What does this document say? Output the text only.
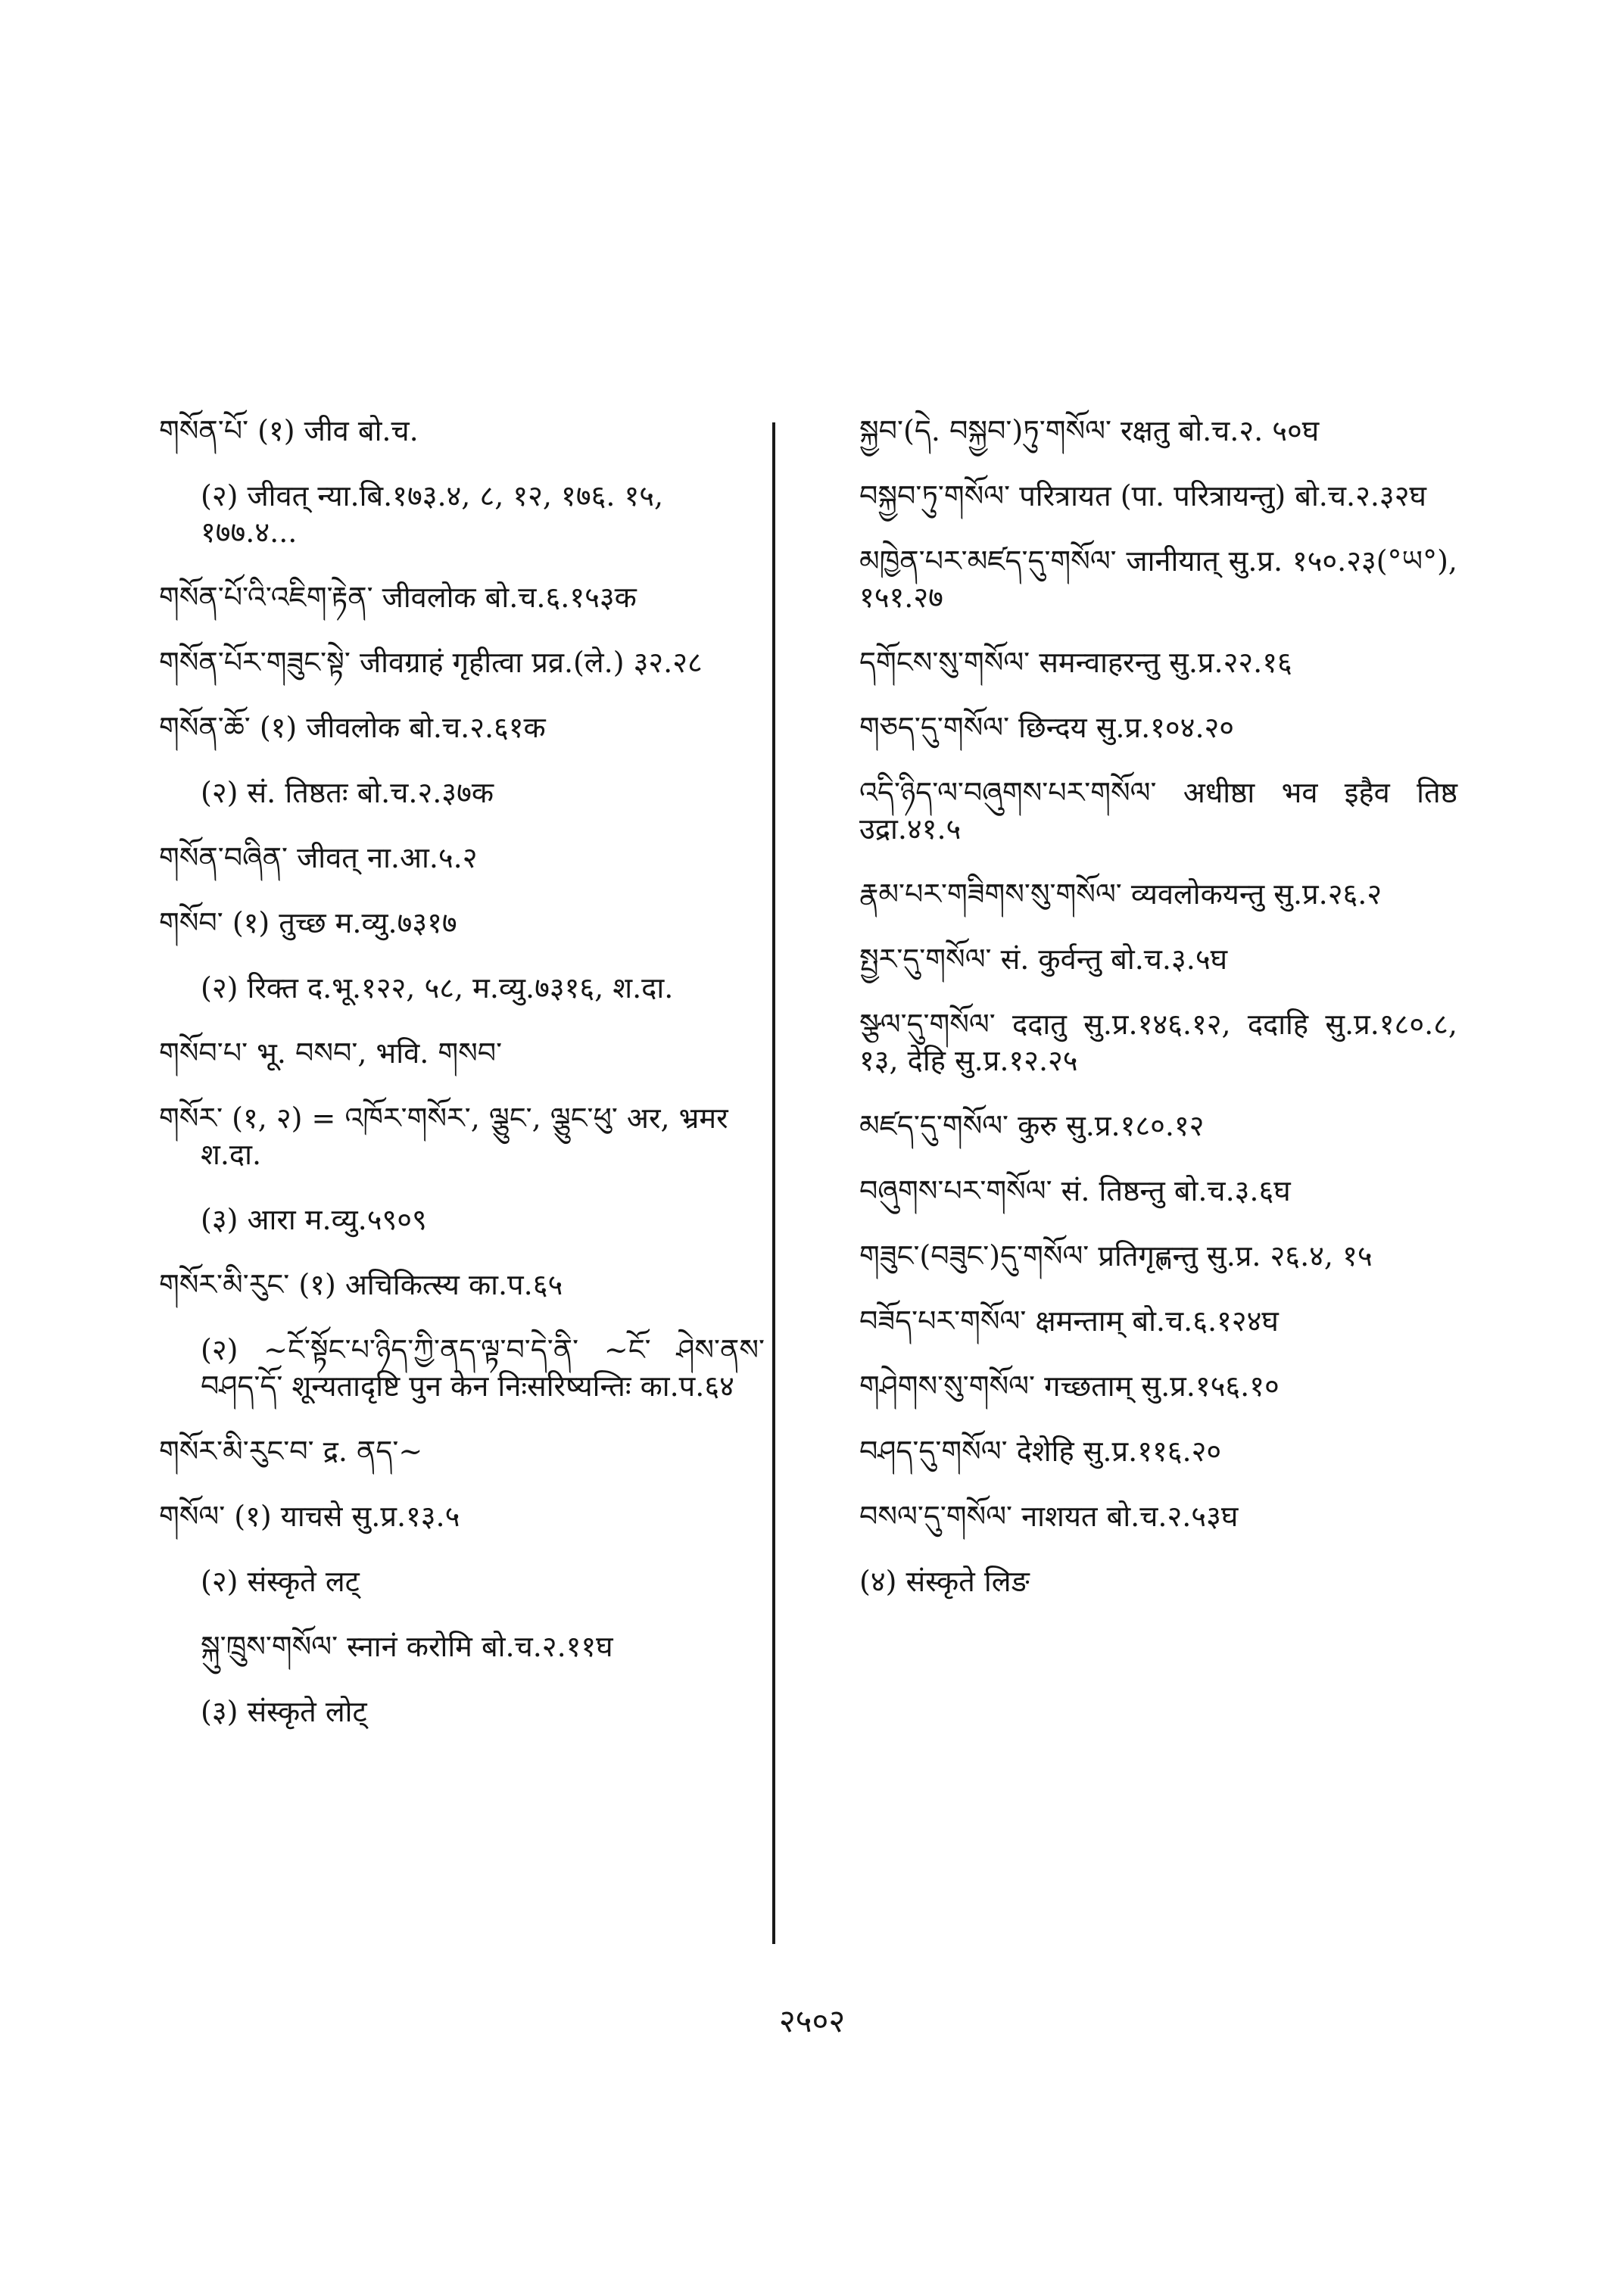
གསོན་པོ་ (१) जीव बो.च.
(२) जीवत् न्या.बि.१७३.४, ८, १२, १७६. १५, १७७.४...
གསོན་པོ་འི་འཇིག་རྟེན་ जीवलोक बो.च.६.१५३क
གསོན་པོར་གཟུང་སྟེ་ जीवग्राहं गृहीत्वा प्रव्र.(ले.) ३२.२८
གསོན་ཆོ་ (१) जीवलोक बो.च.२.६१क
(२) सं. तिष्ठतः बो.च.२.३७क
གསོན་བཞིན་ जीवत् ना.आ.५.२
གསོབ་ (१) तुच्छ म.व्यु.७३१७
(२) रिक्त द.भू.१२२, ५८, म.व्यु.७३१६, श.दा.
གསོབ་པ་ भू. བསབ་, भवि. གསབ་
གསོར་ (१, २) = འཁོར་གསོར་, ལྕུང་, ལྕུང་ཕུ་ अर, भ्रमर श.दा.
(३) आरा म.व्यु.५९०९
གསོར་མི་རུང་ (१) अचिकित्स्य का.प.६५
(२) ~ངོ་སྟོང་པ་ཉིད་ཀྱི་ནད་ལྟ་བ་དེ་ནི་ ~ངོ་ ཤེས་ནས་བཤད་དོ་ शून्यतादृष्टि पुन केन निःसरिष्यन्तिः का.प.६४
གསོར་མི་རུང་བ་ द्र. ནད་~
གསོལ་ (१) याचसे सु.प्र.१३.५
(२) संस्कृते लट्
སྐུ་ཁྲུས་གསོལ་ स्नानं करोमि बो.च.२.११घ
(३) संस्कृते लोट्
སྐྱབ་(དེ. བསྐྱབ་)ཏུ་གསོལ་ रक्षतु बो.च.२. ५०घ
བསྐྱབ་ཏུ་གསོལ་ परित्रायत (पा. परित्रायन्तु) बो.च.२.३२घ
མཁྱེན་པར་མཛད་དུ་གསོལ་ जानीयात् सु.प्र. १५०.२३(°ཡ°), १५१.२७
དགོངས་སུ་གསོལ་ समन्वाहरन्तु सु.प्र.२२.१६
གཅད་དུ་གསོལ་ छिन्दय सु.प्र.१०४.२०
འདི་ཉིད་ལ་བཞུགས་པར་གསོལ་ अधीष्ठा भव इहैव तिष्ठ उद्रा.४१.५
རྣམ་པར་གཟིགས་སུ་གསོལ་ व्यवलोकयन्तु सु.प्र.२६.२
སྤྱར་དུ་གསོལ་ सं. कुर्वन्तु बो.च.३.५घ
སྩལ་དུ་གསོལ་ ददातु सु.प्र.१४६.१२, ददाहि सु.प्र.१८०.८, १३, देहि सु.प्र.१२.२५
མཛད་དུ་གསོལ་ कुरु सु.प्र.१८०.१२
བཞུགས་པར་གསོལ་ सं. तिष्ठन्तु बो.च.३.६घ
གཟུང་(བཟུང་)དུ་གསོལ་ प्रतिगृह्णन्तु सु.प्र. २६.४, १५
བཟོད་པར་གསོལ་ क्षमन्ताम् बो.च.६.१२४घ
གཤེགས་སུ་གསོལ་ गच्छताम् सु.प्र.१५६.१०
བཤད་དུ་གསོལ་ देशेहि सु.प्र.११६.२०
བསལ་དུ་གསོལ་ नाशयत बो.च.२.५३घ
(४) संस्कृते लिङ
२५०२
